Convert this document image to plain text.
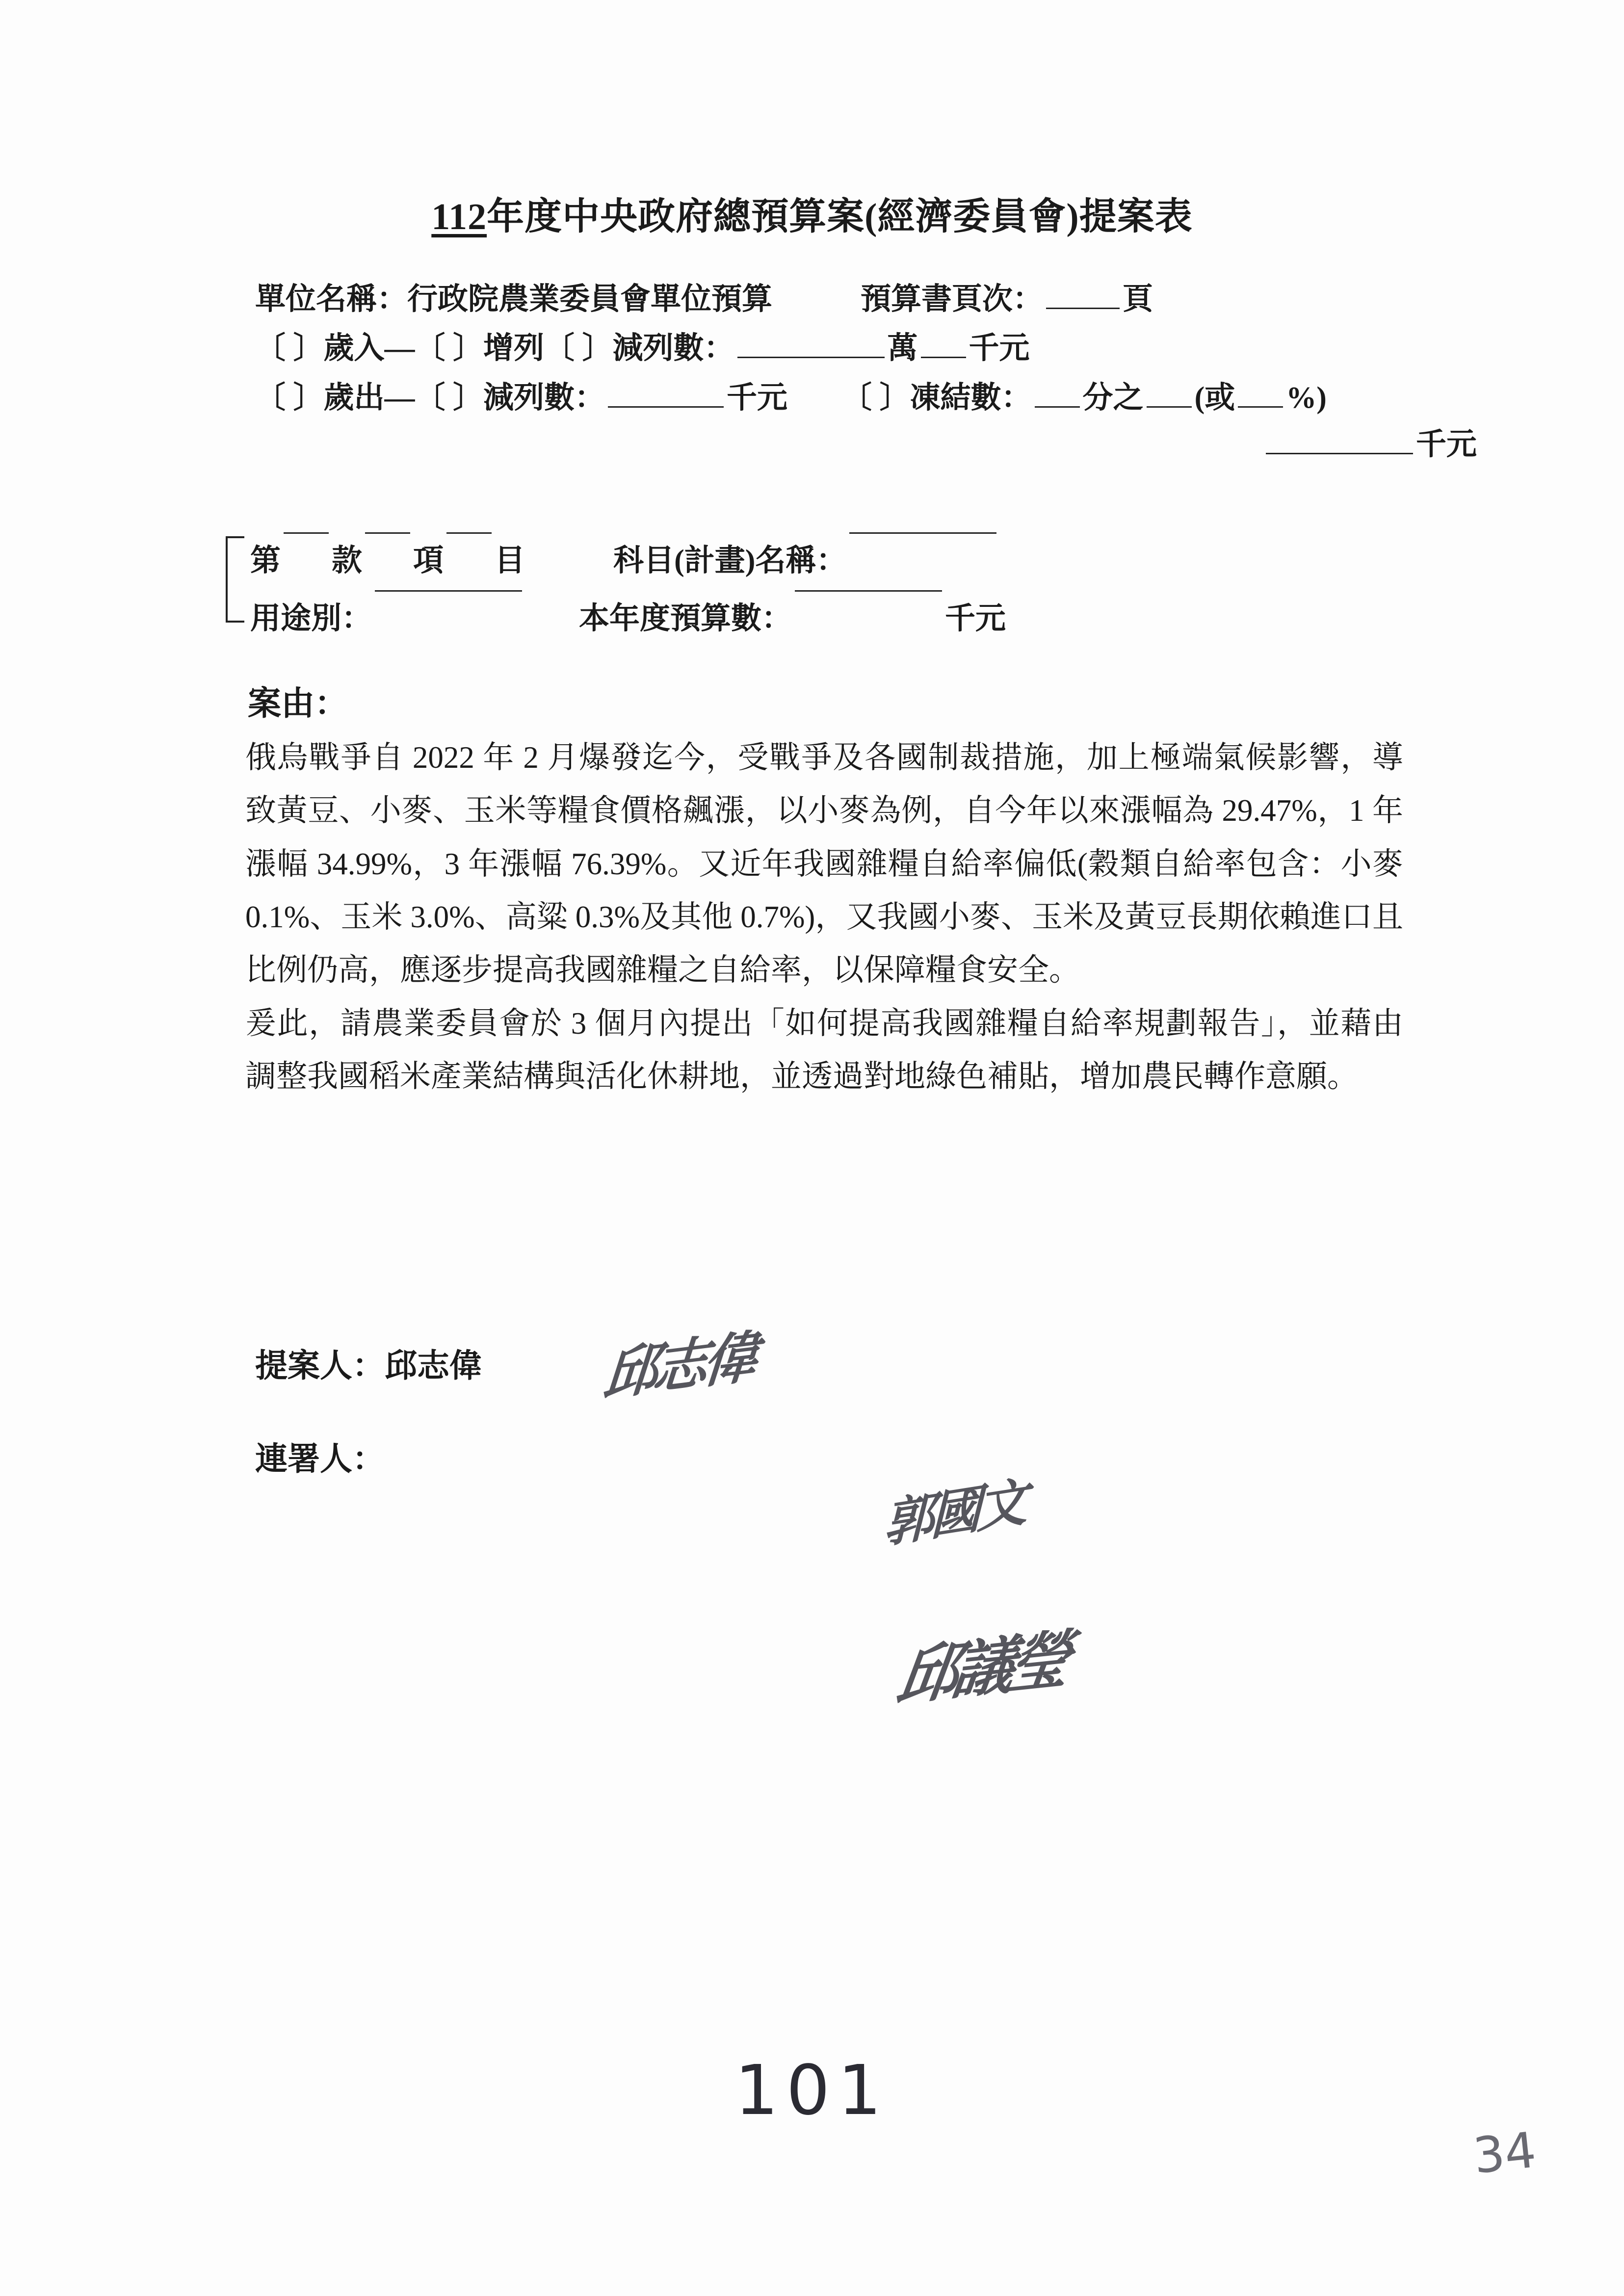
112年度中央政府總預算案(經濟委員會)提案表
單位名稱： 行政院農業委員會單位預算	預算書頁次：	頁
〔 〕歲入—〔 〕增列〔 〕減列數：	萬 千元
〔 〕歲出—〔 〕減列數：	千元 〔 〕凍結數： 分之 (或 %)
千元
第 款 項 目	科目(計畫)名稱：
用途別：	本年度預算數：	千元
案由：

俄烏戰爭自 2022 年 2 月爆發迄今，受戰爭及各國制裁措施，加上極端氣候影響，導致黃豆、小麥、玉米等糧食價格飆漲，以小麥為例，自今年以來漲幅為 29.47%，1 年漲幅 34.99%，3 年漲幅 76.39%。又近年我國雜糧自給率偏低(穀類自給率包含：小麥 0.1%、玉米 3.0%、高粱 0.3%及其他 0.7%)，又我國小麥、玉米及黃豆長期依賴進口且比例仍高，應逐步提高我國雜糧之自給率，以保障糧食安全。

爰此，請農業委員會於 3 個月內提出「如何提高我國雜糧自給率規劃報告」，並藉由調整我國稻米產業結構與活化休耕地，並透過對地綠色補貼，增加農民轉作意願。

提案人：邱志偉
連署人：
邱志偉
郭國文
邱議瑩
101
34
